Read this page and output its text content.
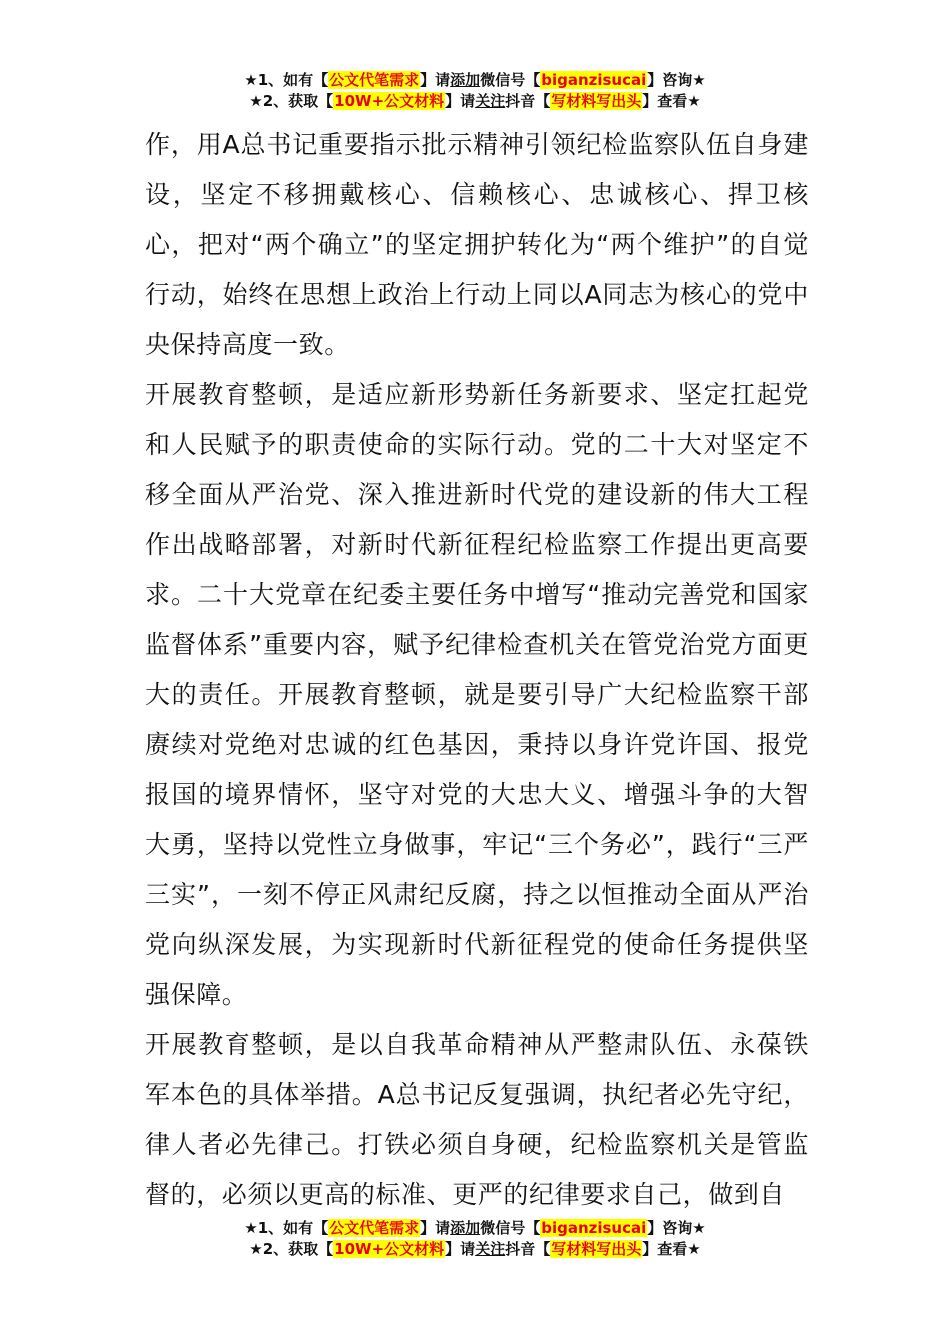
★1、如有【公文代笔需求】请添加微信号【biganzisucai】咨询★
★2、获取【10W+公文材料】请关注抖音【写材料写出头】查看★

作，用A总书记重要指示批示精神引领纪检监察队伍自身建设，坚定不移拥戴核心、信赖核心、忠诚核心、捍卫核心，把对“两个确立”的坚定拥护转化为“两个维护”的自觉行动，始终在思想上政治上行动上同以A同志为核心的党中央保持高度一致。

开展教育整顿，是适应新形势新任务新要求、坚定扛起党和人民赋予的职责使命的实际行动。党的二十大对坚定不移全面从严治党、深入推进新时代党的建设新的伟大工程作出战略部署，对新时代新征程纪检监察工作提出更高要求。二十大党章在纪委主要任务中增写“推动完善党和国家监督体系”重要内容，赋予纪律检查机关在管党治党方面更大的责任。开展教育整顿，就是要引导广大纪检监察干部赓续对党绝对忠诚的红色基因，秉持以身许党许国、报党报国的境界情怀，坚守对党的大忠大义、增强斗争的大智大勇，坚持以党性立身做事，牢记“三个务必”，践行“三严三实”，一刻不停正风肃纪反腐，持之以恒推动全面从严治党向纵深发展，为实现新时代新征程党的使命任务提供坚强保障。

开展教育整顿，是以自我革命精神从严整肃队伍、永葆铁军本色的具体举措。A总书记反复强调，执纪者必先守纪，律人者必先律己。打铁必须自身硬，纪检监察机关是管监督的，必须以更高的标准、更严的纪律要求自己，做到自

★1、如有【公文代笔需求】请添加微信号【biganzisucai】咨询★
★2、获取【10W+公文材料】请关注抖音【写材料写出头】查看★
